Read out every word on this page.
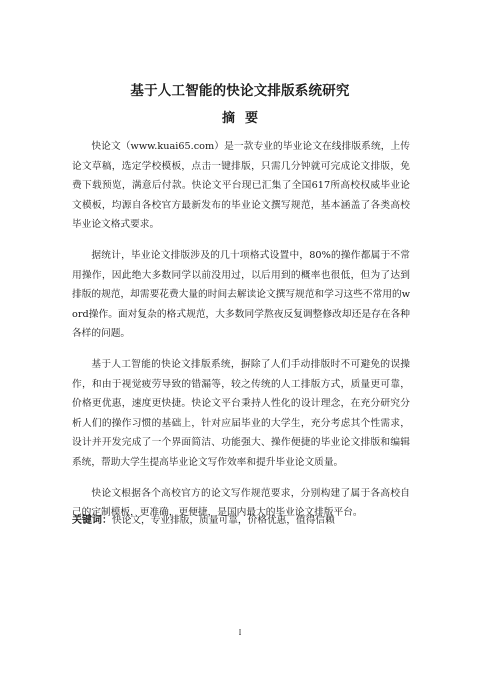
基于人工智能的快论文排版系统研究
摘要

快论文（www.kuai65.com）是一款专业的毕业论文在线排版系统，上传论文草稿，选定学校模板，点击一键排版，只需几分钟就可完成论文排版，免费下载预览，满意后付款。快论文平台现已汇集了全国617所高校权威毕业论文模板，均源自各校官方最新发布的毕业论文撰写规范，基本涵盖了各类高校毕业论文格式要求。

据统计，毕业论文排版涉及的几十项格式设置中，80%的操作都属于不常用操作，因此绝大多数同学以前没用过，以后用到的概率也很低，但为了达到排版的规范，却需要花费大量的时间去解读论文撰写规范和学习这些不常用的word操作。面对复杂的格式规范，大多数同学熬夜反复调整修改却还是存在各种各样的问题。

基于人工智能的快论文排版系统，摒除了人们手动排版时不可避免的误操作，和由于视觉疲劳导致的错漏等，较之传统的人工排版方式，质量更可靠，价格更优惠，速度更快捷。快论文平台秉持人性化的设计理念，在充分研究分析人们的操作习惯的基础上，针对应届毕业的大学生，充分考虑其个性需求，设计并开发完成了一个界面简洁、功能强大、操作便捷的毕业论文排版和编辑系统，帮助大学生提高毕业论文写作效率和提升毕业论文质量。

快论文根据各个高校官方的论文写作规范要求，分别构建了属于各高校自己的定制模板，更准确，更便捷，是国内最大的毕业论文排版平台。

关键词：快论文，专业排版，质量可靠，价格优惠，值得信赖
I
